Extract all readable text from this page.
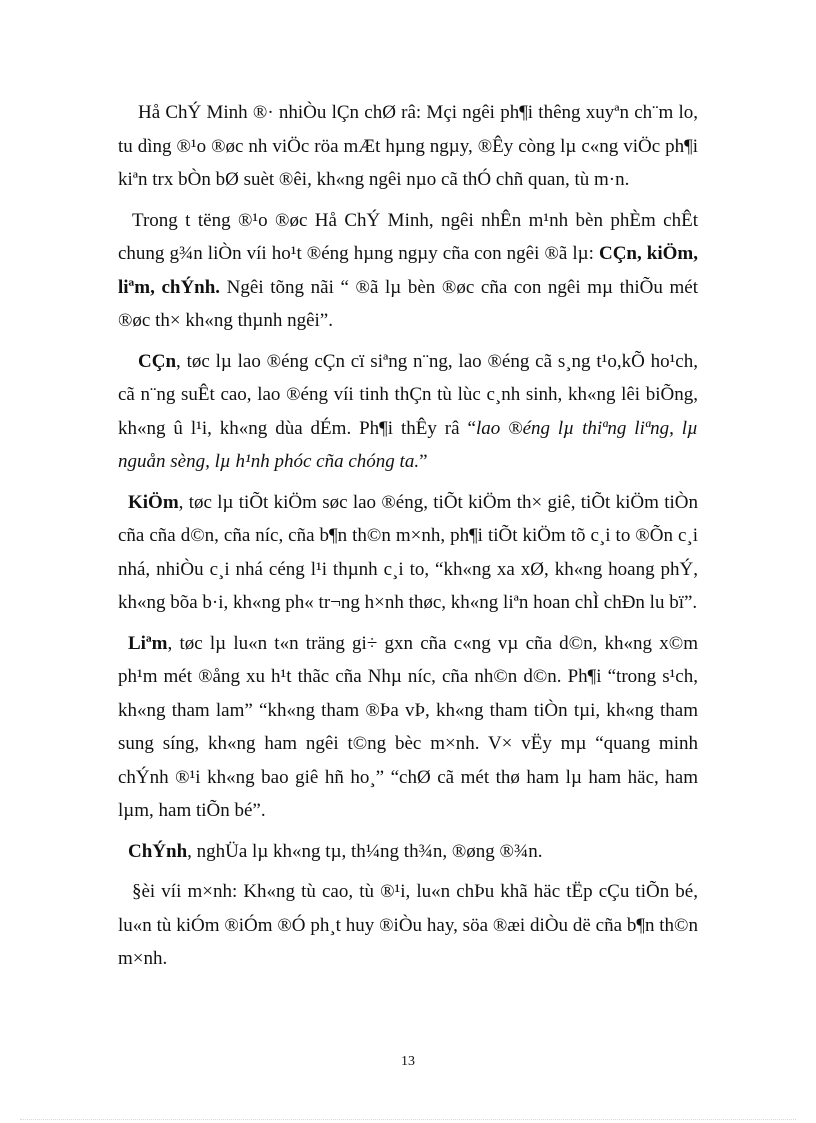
Hå ChÝ Minh ®· nhiÒu lÇn chØ râ: Mçi ngêi ph¶i thêng xuyªn ch¨m lo, tu dìng ®¹o ®øc nh viÖc röa mÆt hµng ngµy, ®Êy còng lµ c«ng viÖc ph¶i kiªn trx bÒn bØ suèt ®êi, kh«ng ngêi nµo cã thÓ chñ quan, tù m·n.

Trong t tëng ®¹o ®øc Hå ChÝ Minh, ngêi nhÊn m¹nh bèn phÈm chÊt chung g¾n liÒn víi ho¹t ®éng hµng ngµy cña con ngêi ®ã lµ: CÇn, kiÖm, liªm, chÝnh. Ngêi tõng nãi “ ®ã lµ bèn ®øc cña con ngêi mµ thiÕu mét ®øc th× kh«ng thµnh ngêi”.

CÇn, tøc lµ lao ®éng cÇn cï siªng n¨ng, lao ®éng cã s¸ng t¹o,kÕ ho¹ch, cã n¨ng suÊt cao, lao ®éng víi tinh thÇn tù lùc c¸nh sinh, kh«ng lêi biÕng, kh«ng û l¹i, kh«ng dùa dÉm. Ph¶i thÊy râ “lao ®éng lµ thiªng liªng, lµ nguån sèng, lµ h¹nh phóc cña chóng ta.”

KiÖm, tøc lµ tiÕt kiÖm søc lao ®éng, tiÕt kiÖm th× giê, tiÕt kiÖm tiÒn cña cña d©n, cña níc, cña b¶n th©n m×nh, ph¶i tiÕt kiÖm tõ c¸i to ®Õn c¸i nhá, nhiÒu c¸i nhá céng l¹i thµnh c¸i to, “kh«ng xa xØ, kh«ng hoang phÝ, kh«ng bõa b·i, kh«ng ph« tr¬ng h×nh thøc, kh«ng liªn hoan chÌ chÐn lu bï”.

Liªm, tøc lµ lu«n t«n träng gi÷ gxn cña c«ng vµ cña d©n, kh«ng x©m ph¹m mét ®ång xu h¹t thãc cña Nhµ níc, cña nh©n d©n. Ph¶i “trong s¹ch, kh«ng tham lam” “kh«ng tham ®Þa vÞ, kh«ng tham tiÒn tµi, kh«ng tham sung síng, kh«ng ham ngêi t©ng bèc m×nh. V× vËy mµ “quang minh chÝnh ®¹i kh«ng bao giê hñ ho¸” “chØ cã mét thø ham lµ ham häc, ham lµm, ham tiÕn bé”.

ChÝnh, nghÜa lµ kh«ng tµ, th¼ng th¾n, ®øng ®¾n.

§èi víi m×nh: Kh«ng tù cao, tù ®¹i, lu«n chÞu khã häc tËp cÇu tiÕn bé, lu«n tù kiÓm ®iÓm ®Ó ph¸t huy ®iÒu hay, söa ®æi diÒu dë cña b¶n th©n m×nh.

13
